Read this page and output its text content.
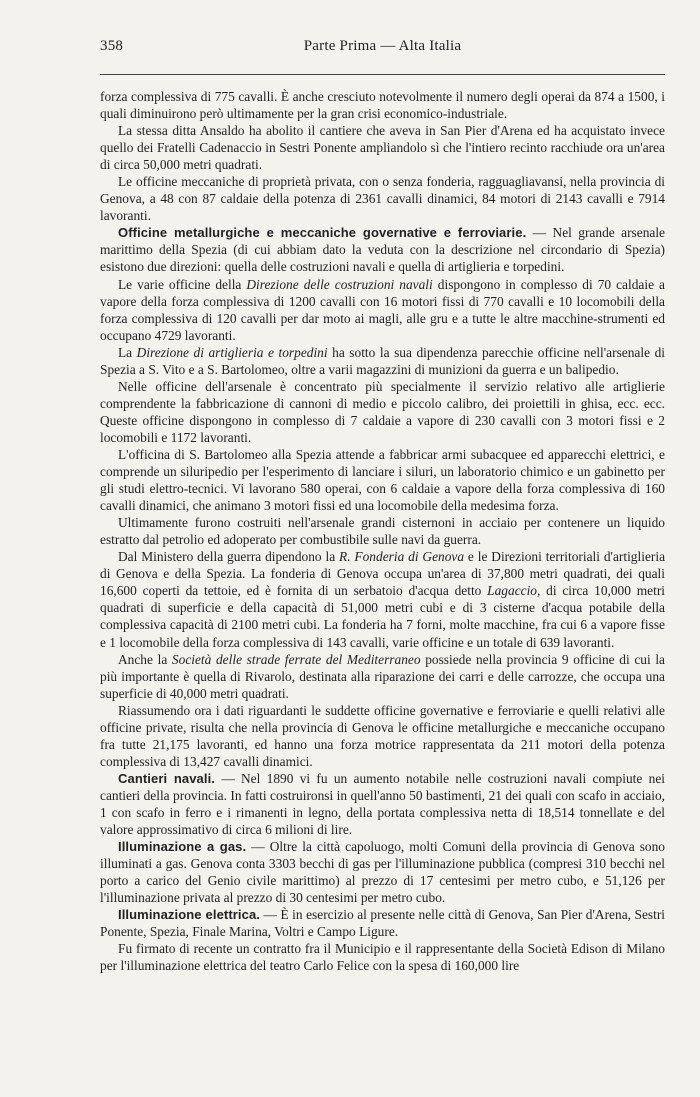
358	Parte Prima — Alta Italia

forza complessiva di 775 cavalli. È anche cresciuto notevolmente il numero degli operai da 874 a 1500, i quali diminuirono però ultimamente per la gran crisi economico-industriale.

La stessa ditta Ansaldo ha abolito il cantiere che aveva in San Pier d'Arena ed ha acquistato invece quello dei Fratelli Cadenaccio in Sestri Ponente ampliandolo sì che l'intiero recinto racchiude ora un'area di circa 50,000 metri quadrati.

Le officine meccaniche di proprietà privata, con o senza fonderia, ragguagliavansi, nella provincia di Genova, a 48 con 87 caldaie della potenza di 2361 cavalli dinamici, 84 motori di 2143 cavalli e 7914 lavoranti.

Officine metallurgiche e meccaniche governative e ferroviarie. — Nel grande arsenale marittimo della Spezia (di cui abbiam dato la veduta con la descrizione nel circondario di Spezia) esistono due direzioni: quella delle costruzioni navali e quella di artiglieria e torpedini.

Le varie officine della Direzione delle costruzioni navali dispongono in complesso di 70 caldaie a vapore della forza complessiva di 1200 cavalli con 16 motori fissi di 770 cavalli e 10 locomobili della forza complessiva di 120 cavalli per dar moto ai magli, alle gru e a tutte le altre macchine-strumenti ed occupano 4729 lavoranti.

La Direzione di artiglieria e torpedini ha sotto la sua dipendenza parecchie officine nell'arsenale di Spezia a S. Vito e a S. Bartolomeo, oltre a varii magazzini di munizioni da guerra e un balipedio.

Nelle officine dell'arsenale è concentrato più specialmente il servizio relativo alle artiglierie comprendente la fabbricazione di cannoni di medio e piccolo calibro, dei proiettili in ghisa, ecc. ecc. Queste officine dispongono in complesso di 7 caldaie a vapore di 230 cavalli con 3 motori fissi e 2 locomobili e 1172 lavoranti.

L'officina di S. Bartolomeo alla Spezia attende a fabbricar armi subacquee ed apparecchi elettrici, e comprende un siluripedio per l'esperimento di lanciare i siluri, un laboratorio chimico e un gabinetto per gli studi elettro-tecnici. Vi lavorano 580 operai, con 6 caldaie a vapore della forza complessiva di 160 cavalli dinamici, che animano 3 motori fissi ed una locomobile della medesima forza.

Ultimamente furono costruiti nell'arsenale grandi cisternoni in acciaio per contenere un liquido estratto dal petrolio ed adoperato per combustibile sulle navi da guerra.

Dal Ministero della guerra dipendono la R. Fonderia di Genova e le Direzioni territoriali d'artiglieria di Genova e della Spezia. La fonderia di Genova occupa un'area di 37,800 metri quadrati, dei quali 16,600 coperti da tettoie, ed è fornita di un serbatoio d'acqua detto Lagaccio, di circa 10,000 metri quadrati di superficie e della capacità di 51,000 metri cubi e di 3 cisterne d'acqua potabile della complessiva capacità di 2100 metri cubi. La fonderia ha 7 forni, molte macchine, fra cui 6 a vapore fisse e 1 locomobile della forza complessiva di 143 cavalli, varie officine e un totale di 639 lavoranti.

Anche la Società delle strade ferrate del Mediterraneo possiede nella provincia 9 officine di cui la più importante è quella di Rivarolo, destinata alla riparazione dei carri e delle carrozze, che occupa una superficie di 40,000 metri quadrati.

Riassumendo ora i dati riguardanti le suddette officine governative e ferroviarie e quelli relativi alle officine private, risulta che nella provincia di Genova le officine metallurgiche e meccaniche occupano fra tutte 21,175 lavoranti, ed hanno una forza motrice rappresentata da 211 motori della potenza complessiva di 13,427 cavalli dinamici.

Cantieri navali. — Nel 1890 vi fu un aumento notabile nelle costruzioni navali compiute nei cantieri della provincia. In fatti costruironsi in quell'anno 50 bastimenti, 21 dei quali con scafo in acciaio, 1 con scafo in ferro e i rimanenti in legno, della portata complessiva netta di 18,514 tonnellate e del valore approssimativo di circa 6 milioni di lire.

Illuminazione a gas. — Oltre la città capoluogo, molti Comuni della provincia di Genova sono illuminati a gas. Genova conta 3303 becchi di gas per l'illuminazione pubblica (compresi 310 becchi nel porto a carico del Genio civile marittimo) al prezzo di 17 centesimi per metro cubo, e 51,126 per l'illuminazione privata al prezzo di 30 centesimi per metro cubo.

Illuminazione elettrica. — È in esercizio al presente nelle città di Genova, San Pier d'Arena, Sestri Ponente, Spezia, Finale Marina, Voltri e Campo Ligure.

Fu firmato di recente un contratto fra il Municipio e il rappresentante della Società Edison di Milano per l'illuminazione elettrica del teatro Carlo Felice con la spesa di 160,000 lire
